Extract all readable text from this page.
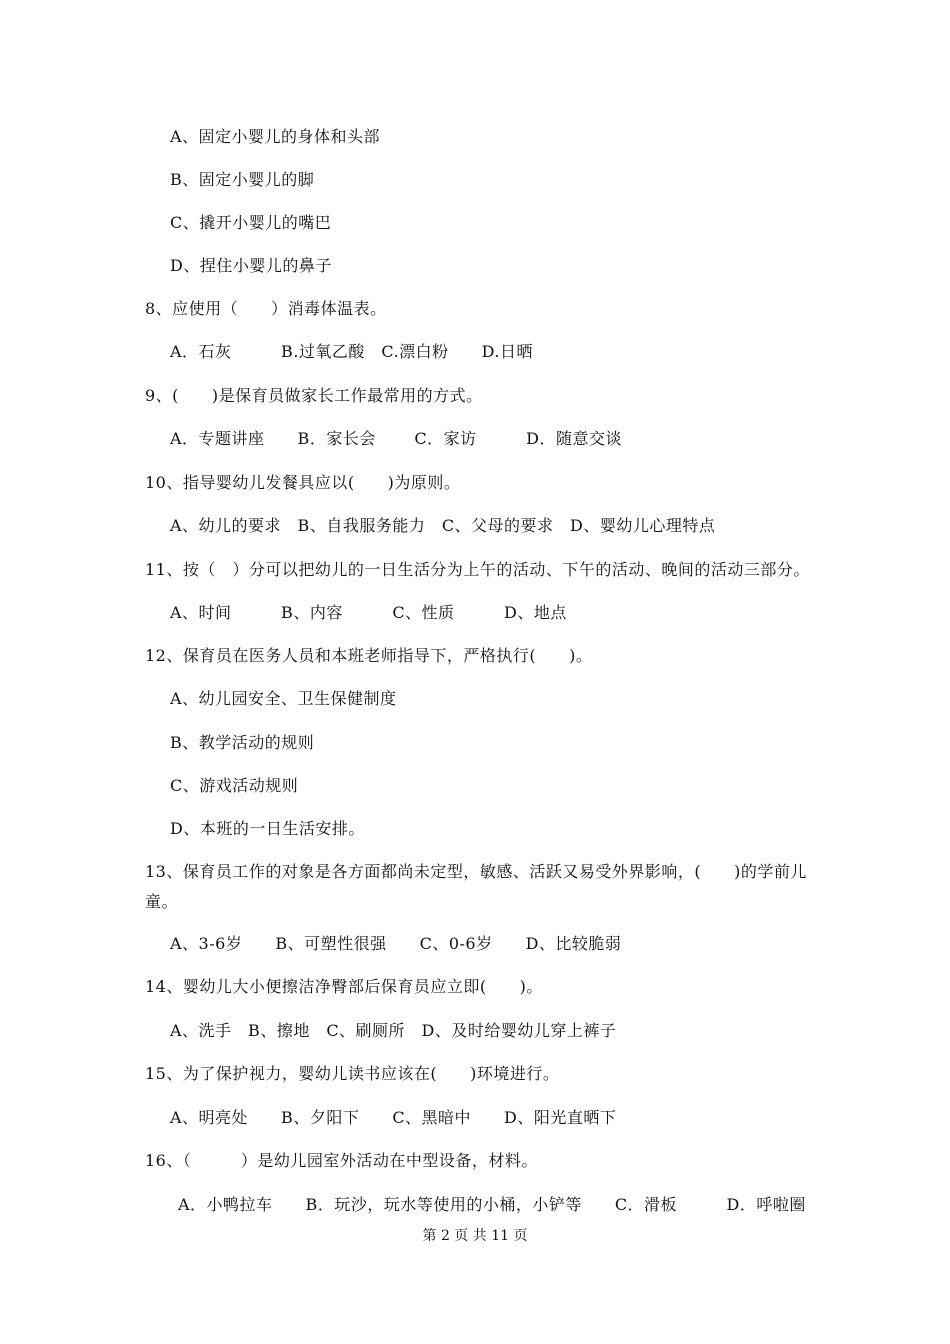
A、固定小婴儿的身体和头部
B、固定小婴儿的脚
C、撬开小婴儿的嘴巴
D、捏住小婴儿的鼻子
8、应使用（　　）消毒体温表。
A．石灰　　　B.过氧乙酸　C.漂白粉　　D.日晒
9、(　　)是保育员做家长工作最常用的方式。
A．专题讲座　　B．家长会　　 C．家访　　　D．随意交谈
10、指导婴幼儿发餐具应以(　　)为原则。
A、幼儿的要求　B、自我服务能力　C、父母的要求　D、婴幼儿心理特点
11、按（　）分可以把幼儿的一日生活分为上午的活动、下午的活动、晚间的活动三部分。
A、时间　　　B、内容　　　C、性质　　　D、地点
12、保育员在医务人员和本班老师指导下，严格执行(　　)。
A、幼儿园安全、卫生保健制度
B、教学活动的规则
C、游戏活动规则
D、本班的一日生活安排。
13、保育员工作的对象是各方面都尚未定型，敏感、活跃又易受外界影响，(　　)的学前儿
童。
A、3-6岁　　B、可塑性很强　　C、0-6岁　　D、比较脆弱
14、婴幼儿大小便擦洁净臀部后保育员应立即(　　)。
A、洗手　B、擦地　C、刷厕所　D、及时给婴幼儿穿上裤子
15、为了保护视力，婴幼儿读书应该在(　　)环境进行。
A、明亮处　　B、夕阳下　　C、黑暗中　　D、阳光直晒下
16、（　　　）是幼儿园室外活动在中型设备，材料。
A．小鸭拉车　　B．玩沙，玩水等使用的小桶，小铲等　　C．滑板　　　D．呼啦圈
第 2 页 共 11 页
